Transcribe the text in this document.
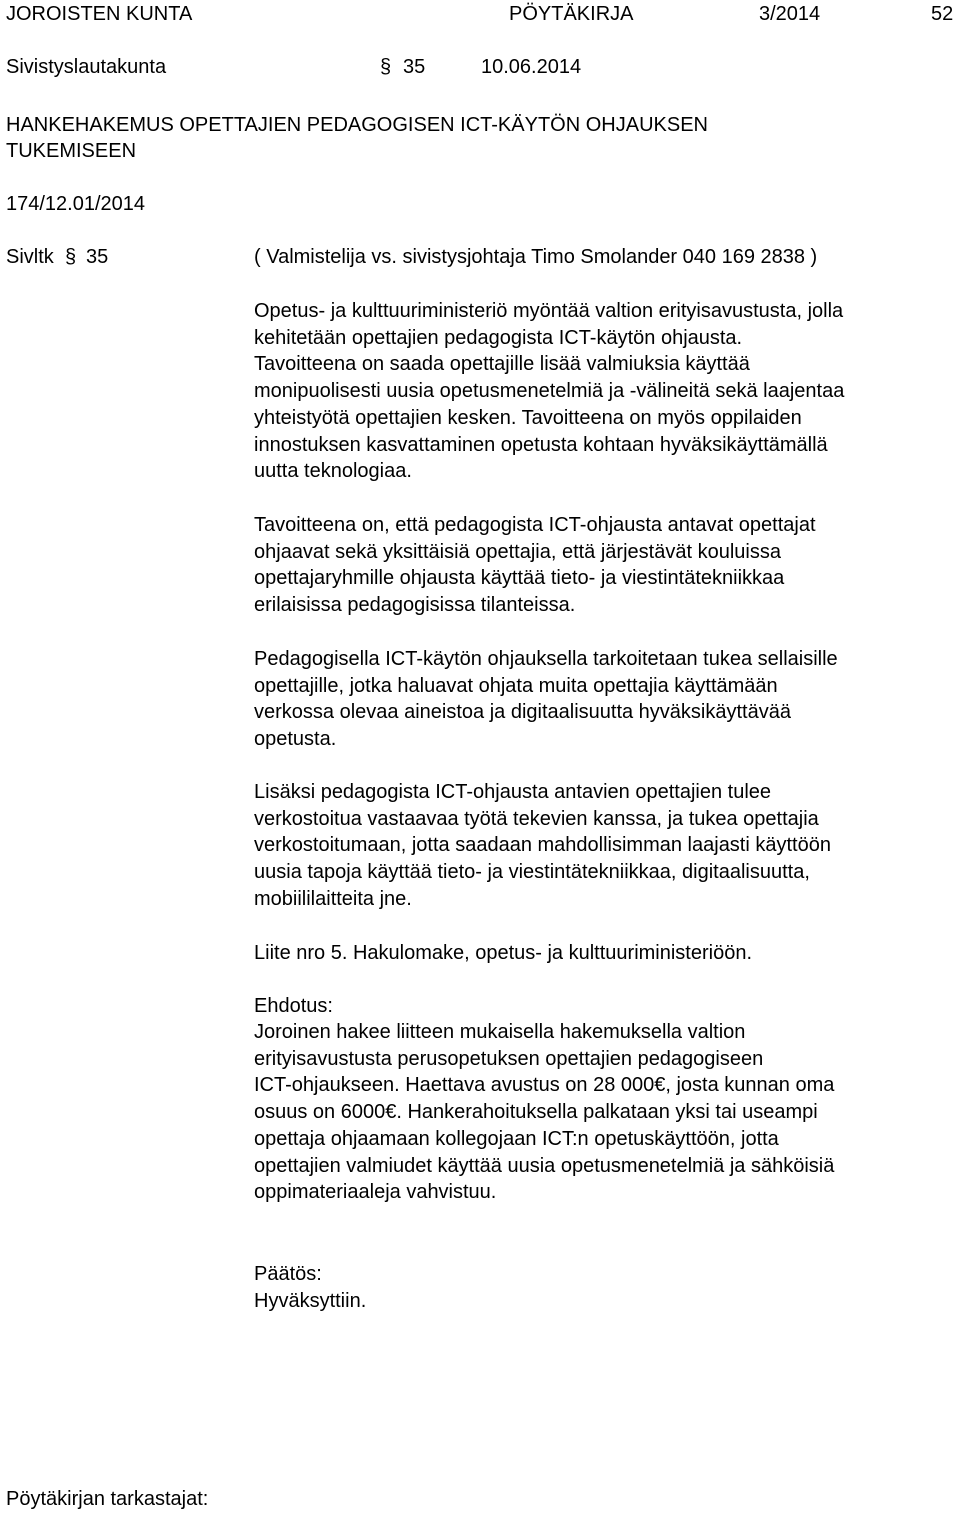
JOROISTEN KUNTA	PÖYTÄKIRJA	3/2014	52
Sivistyslautakunta	§ 35	10.06.2014
HANKEHAKEMUS OPETTAJIEN PEDAGOGISEN ICT-KÄYTÖN OHJAUKSEN
TUKEMISEEN
174/12.01/2014
Sivltk § 35	( Valmistelija vs. sivistysjohtaja Timo Smolander 040 169 2838 )
Opetus- ja kulttuuriministeriö myöntää valtion erityisavustusta, jolla
kehitetään opettajien pedagogista ICT-käytön ohjausta.
Tavoitteena on saada opettajille lisää valmiuksia käyttää
monipuolisesti uusia opetusmenetelmiä ja -välineitä sekä laajentaa
yhteistyötä opettajien kesken. Tavoitteena on myös oppilaiden
innostuksen kasvattaminen opetusta kohtaan hyväksikäyttämällä
uutta teknologiaa.
Tavoitteena on, että pedagogista ICT-ohjausta antavat opettajat
ohjaavat sekä yksittäisiä opettajia, että järjestävät kouluissa
opettajaryhmille ohjausta käyttää tieto- ja viestintätekniikkaa
erilaisissa pedagogisissa tilanteissa.
Pedagogisella ICT-käytön ohjauksella tarkoitetaan tukea sellaisille
opettajille, jotka haluavat ohjata muita opettajia käyttämään
verkossa olevaa aineistoa ja digitaalisuutta hyväksikäyttävää
opetusta.
Lisäksi pedagogista ICT-ohjausta antavien opettajien tulee
verkostoitua vastaavaa työtä tekevien kanssa, ja tukea opettajia
verkostoitumaan, jotta saadaan mahdollisimman laajasti käyttöön
uusia tapoja käyttää tieto- ja viestintätekniikkaa, digitaalisuutta,
mobiililaitteita jne.
Liite nro 5. Hakulomake, opetus- ja kulttuuriministeriöön.
Ehdotus:
Joroinen hakee liitteen mukaisella hakemuksella valtion
erityisavustusta perusopetuksen opettajien pedagogiseen
ICT-ohjaukseen. Haettava avustus on 28 000€, josta kunnan oma
osuus on 6000€. Hankerahoituksella palkataan yksi tai useampi
opettaja ohjaamaan kollegojaan ICT:n opetuskäyttöön, jotta
opettajien valmiudet käyttää uusia opetusmenetelmiä ja sähköisiä
oppimateriaaleja vahvistuu.
Päätös:
Hyväksyttiin.
Pöytäkirjan tarkastajat:
